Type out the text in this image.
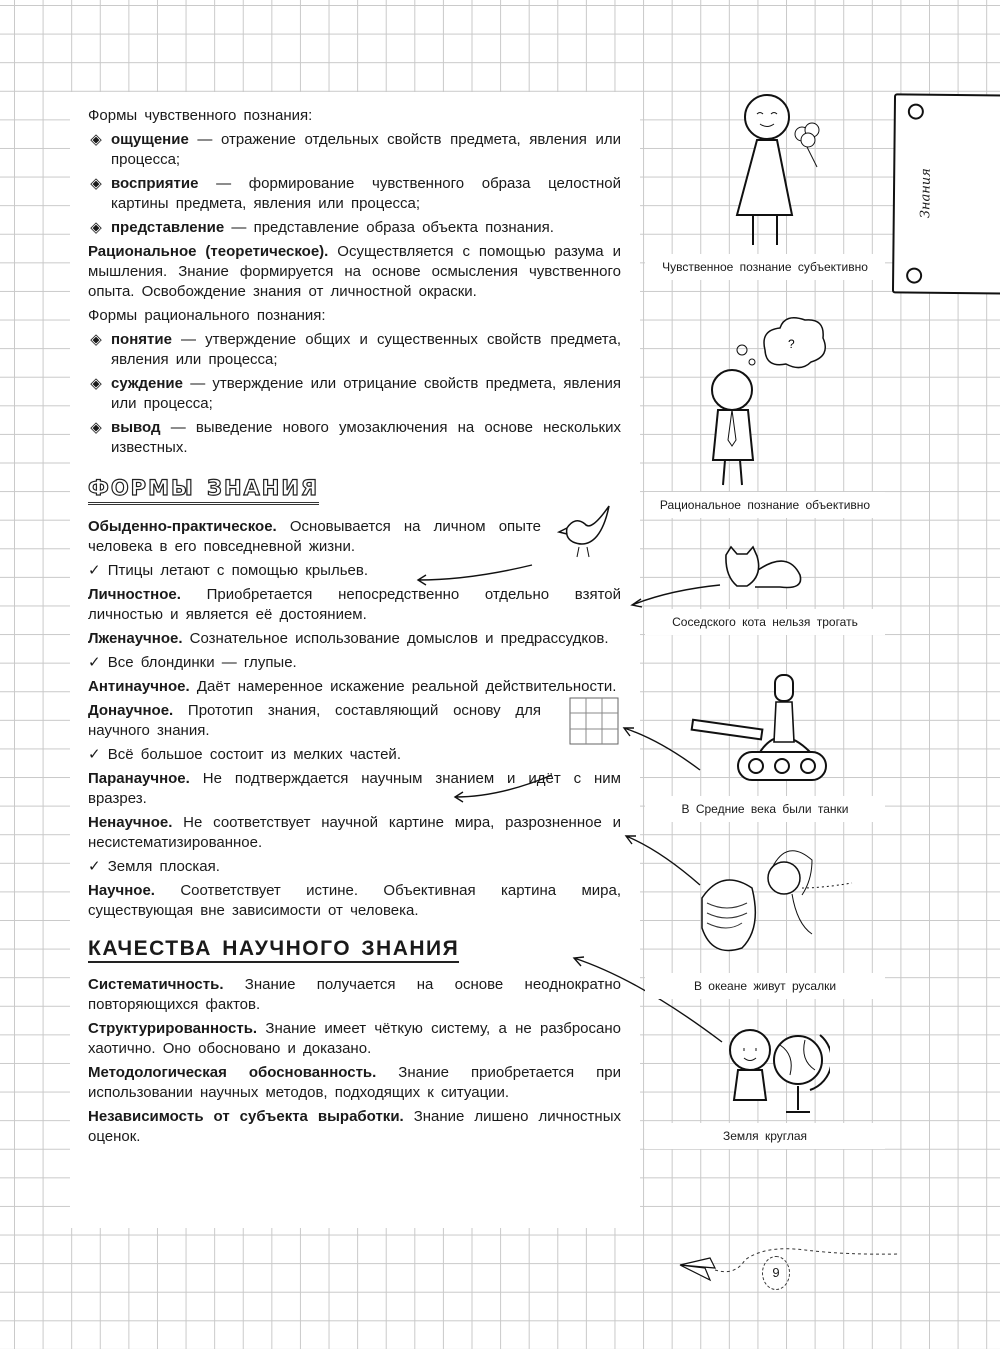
Формы чувственного познания:

◈ ощущение — отражение отдельных свойств предмета, явления или процесса;

◈ восприятие — формирование чувственного образа целостной картины предмета, явления или процесса;

◈ представление — представление образа объекта познания.

Рациональное (теоретическое). Осуществляется с помощью разума и мышления. Знание формируется на основе осмысления чувственного опыта. Освобождение знания от личностной окраски.

Формы рационального познания:

◈ понятие — утверждение общих и существенных свойств предмета, явления или процесса;

◈ суждение — утверждение или отрицание свойств предмета, явления или процесса;

◈ вывод — выведение нового умозаключения на основе нескольких известных.

ФОРМЫ ЗНАНИЯ

Обыденно-практическое. Основывается на личном опыте человека в его повседневной жизни.

✓ Птицы летают с помощью крыльев.

Личностное. Приобретается непосредственно отдельно взятой личностью и является её достоянием.

Лженаучное. Сознательное использование домыслов и предрассудков.

✓ Все блондинки — глупые.

Антинаучное. Даёт намеренное искажение реальной действительности.

Донаучное. Прототип знания, составляющий основу для научного знания.

✓ Всё большое состоит из мелких частей.

Паранаучное. Не подтверждается научным знанием и идёт с ним вразрез.

Ненаучное. Не соответствует научной картине мира, разрозненное и несистематизированное.

✓ Земля плоская.

Научное. Соответствует истине. Объективная картина мира, существующая вне зависимости от человека.

КАЧЕСТВА НАУЧНОГО ЗНАНИЯ

Систематичность. Знание получается на основе неоднократно повторяющихся фактов.

Структурированность. Знание имеет чёткую систему, а не разбросано хаотично. Оно обосновано и доказано.

Методологическая обоснованность. Знание приобретается при использовании научных методов, подходящих к ситуации.

Независимость от субъекта выработки. Знание лишено личностных оценок.

?
Чувственное познание субъективно
Рациональное познание объективно
Соседского кота нельзя трогать
В Средние века были танки
В океане живут русалки
Земля круглая
Знания
9
